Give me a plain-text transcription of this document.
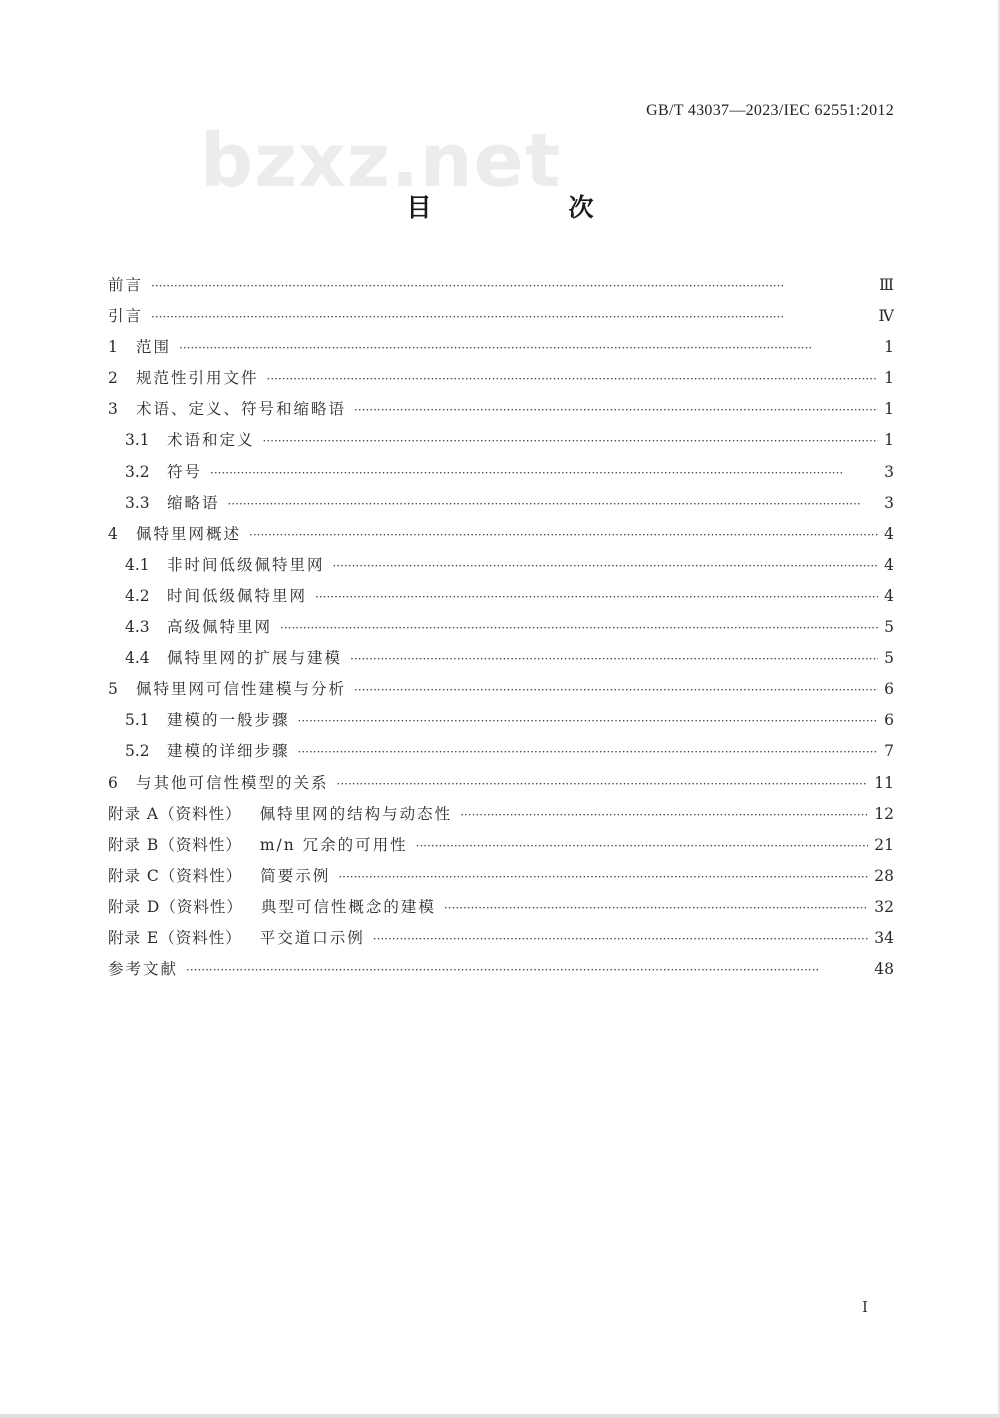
GB/T 43037—2023/IEC 62551:2012
bzxz.net
目　次
前言 ·····	Ⅲ
引言 ·····	Ⅳ
1	范围 ·····	1
2	规范性引用文件 ·····	1
3	术语、定义、符号和缩略语 ·····	1
3.1	术语和定义 ·····	1
3.2	符号 ·····	3
3.3	缩略语 ·····	3
4	佩特里网概述 ·····	4
4.1	非时间低级佩特里网 ·····	4
4.2	时间低级佩特里网 ·····	4
4.3	高级佩特里网 ·····	5
4.4	佩特里网的扩展与建模 ·····	5
5	佩特里网可信性建模与分析 ·····	6
5.1	建模的一般步骤 ·····	6
5.2	建模的详细步骤 ·····	7
6	与其他可信性模型的关系 ·····	11
附录 A（资料性） 佩特里网的结构与动态性 ·····	12
附录 B（资料性） m/n 冗余的可用性 ·····	21
附录 C（资料性） 简要示例 ·····	28
附录 D（资料性） 典型可信性概念的建模 ·····	32
附录 E（资料性） 平交道口示例 ·····	34
参考文献 ·····	48
I
